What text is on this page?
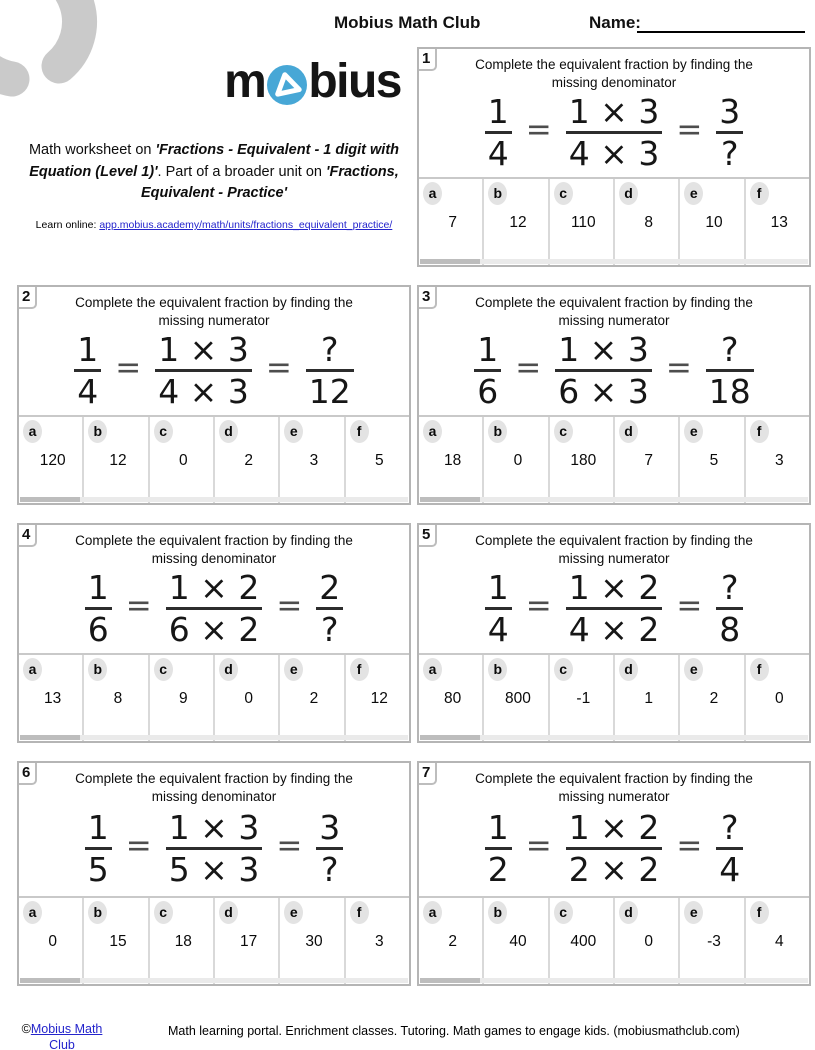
Mobius Math Club	Name:
m bius

Math worksheet on 'Fractions - Equivalent - 1 digit with Equation (Level 1)'. Part of a broader unit on 'Fractions, Equivalent - Practice'

Learn online: app.mobius.academy/math/units/fractions_equivalent_practice/

1	Complete the equivalent fraction by finding the
missing denominator
$\frac{1}{4} = \frac{1 \times 3}{4 \times 3} = \frac{3}{?}$
a
7
b
12
c
110
d
8
e
10
f
13
2	Complete the equivalent fraction by finding the
missing numerator
$\frac{1}{4} = \frac{1 \times 3}{4 \times 3} = \frac{?}{12}$
a
120
b
12
c
0
d
2
e
3
f
5
3	Complete the equivalent fraction by finding the
missing numerator
$\frac{1}{6} = \frac{1 \times 3}{6 \times 3} = \frac{?}{18}$
a
18
b
0
c
180
d
7
e
5
f
3
4	Complete the equivalent fraction by finding the
missing denominator
$\frac{1}{6} = \frac{1 \times 2}{6 \times 2} = \frac{2}{?}$
a
13
b
8
c
9
d
0
e
2
f
12
5	Complete the equivalent fraction by finding the
missing numerator
$\frac{1}{4} = \frac{1 \times 2}{4 \times 2} = \frac{?}{8}$
a
80
b
800
c
-1
d
1
e
2
f
0
6	Complete the equivalent fraction by finding the
missing denominator
$\frac{1}{5} = \frac{1 \times 3}{5 \times 3} = \frac{3}{?}$
a
0
b
15
c
18
d
17
e
30
f
3
7	Complete the equivalent fraction by finding the
missing numerator
$\frac{1}{2} = \frac{1 \times 2}{2 \times 2} = \frac{?}{4}$
a
2
b
40
c
400
d
0
e
-3
f
4
©Mobius Math Club
Math learning portal. Enrichment classes. Tutoring. Math games to engage kids. (mobiusmathclub.com)
